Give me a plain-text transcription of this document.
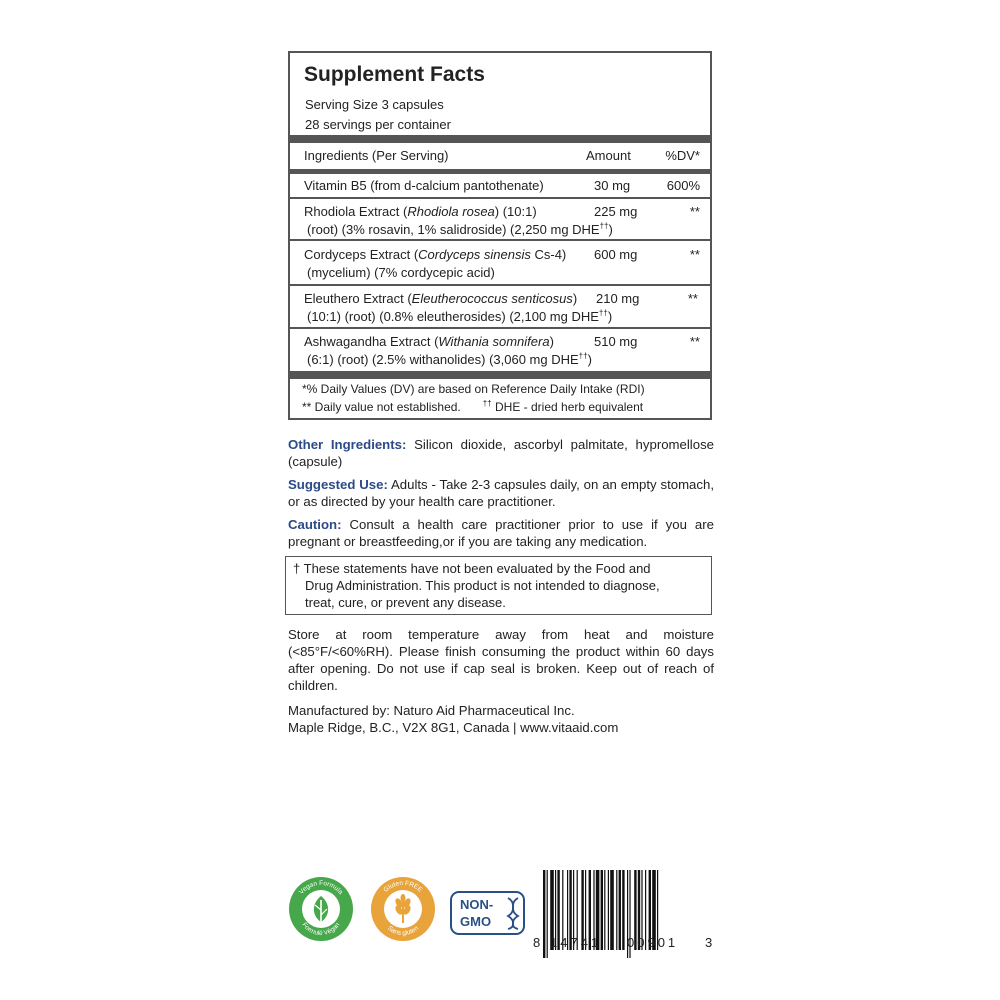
Supplement Facts
Serving Size 3 capsules
28 servings per container
Ingredients (Per Serving)	Amount	%DV*
Vitamin B5 (from d-calcium pantothenate)	30 mg	600%
Rhodiola Extract (Rhodiola rosea) (10:1)	225 mg	**
(root) (3% rosavin, 1% salidroside) (2,250 mg DHE††)
Cordyceps Extract (Cordyceps sinensis Cs-4) 600 mg	**
(mycelium) (7% cordycepic acid)
Eleuthero Extract (Eleutherococcus senticosus) 210 mg	**
(10:1) (root) (0.8% eleutherosides) (2,100 mg DHE††)
Ashwagandha Extract (Withania somnifera)	510 mg	**
(6:1) (root) (2.5% withanolides) (3,060 mg DHE††)
*% Daily Values (DV) are based on Reference Daily Intake (RDI)
** Daily value not established.	†† DHE - dried herb equivalent
Other Ingredients: Silicon dioxide, ascorbyl palmitate, hypromellose (capsule)
Suggested Use: Adults - Take 2-3 capsules daily, on an empty stomach, or as directed by your health care practitioner.
Caution: Consult a health care practitioner prior to use if you are pregnant or breastfeeding,or if you are taking any medication.
† These statements have not been evaluated by the Food and
Drug Administration. This product is not intended to diagnose,
treat, cure, or prevent any disease.
Store at room temperature away from heat and moisture (<85°F/<60%RH). Please finish consuming the product within 60 days after opening. Do not use if cap seal is broken. Keep out of reach of children.
Manufactured by: Naturo Aid Pharmaceutical Inc.
Maple Ridge, B.C., V2X 8G1, Canada | www.vitaaid.com
Vegan Formula
Formulé Végan
Gluten FREE
Sans gluten
NON-
GMO
8 14741 00901 3
